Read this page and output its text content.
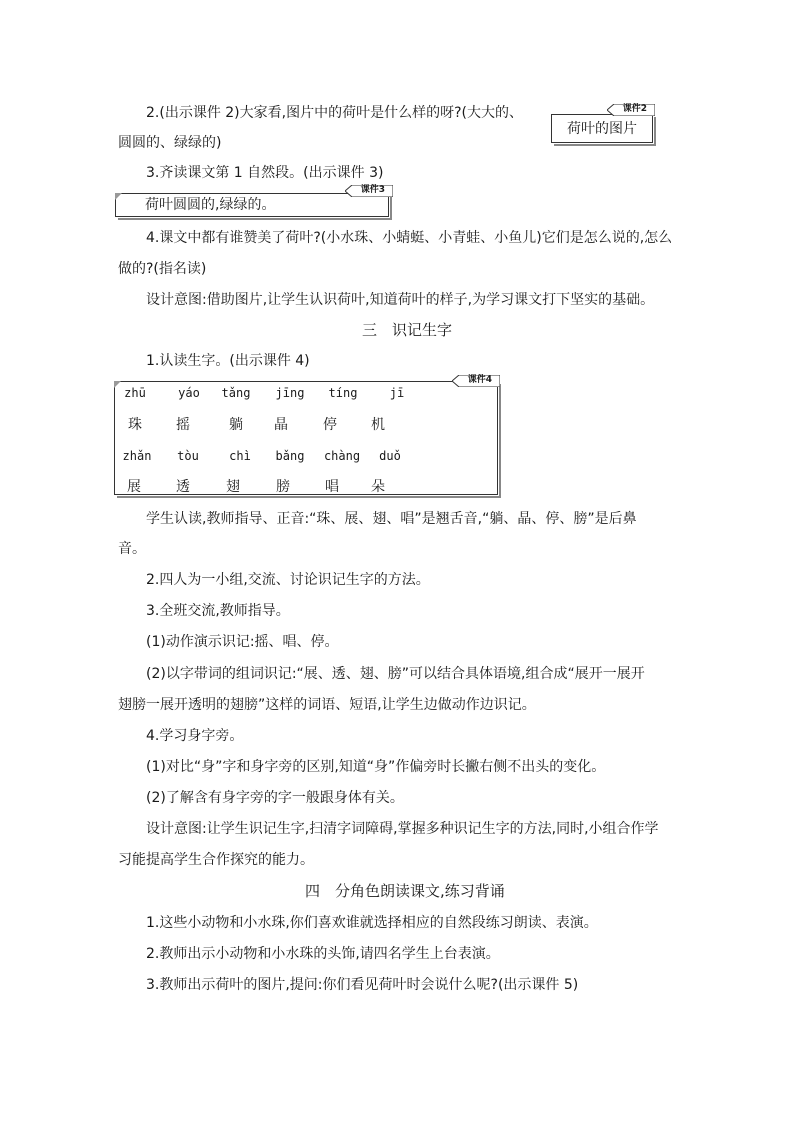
2.(出示课件 2)大家看,图片中的荷叶是什么样的呀?(大大的、
圆圆的、绿绿的)
荷叶的图片
课件2
3.齐读课文第 1 自然段。(出示课件 3)
荷叶圆圆的,绿绿的。
课件3
4.课文中都有谁赞美了荷叶?(小水珠、小蜻蜓、小青蛙、小鱼儿)它们是怎么说的,怎么
做的?(指名读)
设计意图:借助图片,让学生认识荷叶,知道荷叶的样子,为学习课文打下坚实的基础。
三　识记生字
1.认读生字。(出示课件 4)
课件4
zhū	yáo	tǎng	jīng	tíng	jī
珠	摇	躺	晶	停	机
zhǎn	tòu	chì	bǎng	chàng	duǒ
展	透	翅	膀	唱	朵
学生认读,教师指导、正音:“珠、展、翅、唱”是翘舌音,“躺、晶、停、膀”是后鼻
音。
2.四人为一小组,交流、讨论识记生字的方法。
3.全班交流,教师指导。
(1)动作演示识记:摇、唱、停。
(2)以字带词的组词识记:“展、透、翅、膀”可以结合具体语境,组合成“展开一展开
翅膀一展开透明的翅膀”这样的词语、短语,让学生边做动作边识记。
4.学习身字旁。
(1)对比“身”字和身字旁的区别,知道“身”作偏旁时长撇右侧不出头的变化。
(2)了解含有身字旁的字一般跟身体有关。
设计意图:让学生识记生字,扫清字词障碍,掌握多种识记生字的方法,同时,小组合作学
习能提高学生合作探究的能力。
四　分角色朗读课文,练习背诵
1.这些小动物和小水珠,你们喜欢谁就选择相应的自然段练习朗读、表演。
2.教师出示小动物和小水珠的头饰,请四名学生上台表演。
3.教师出示荷叶的图片,提问:你们看见荷叶时会说什么呢?(出示课件 5)
